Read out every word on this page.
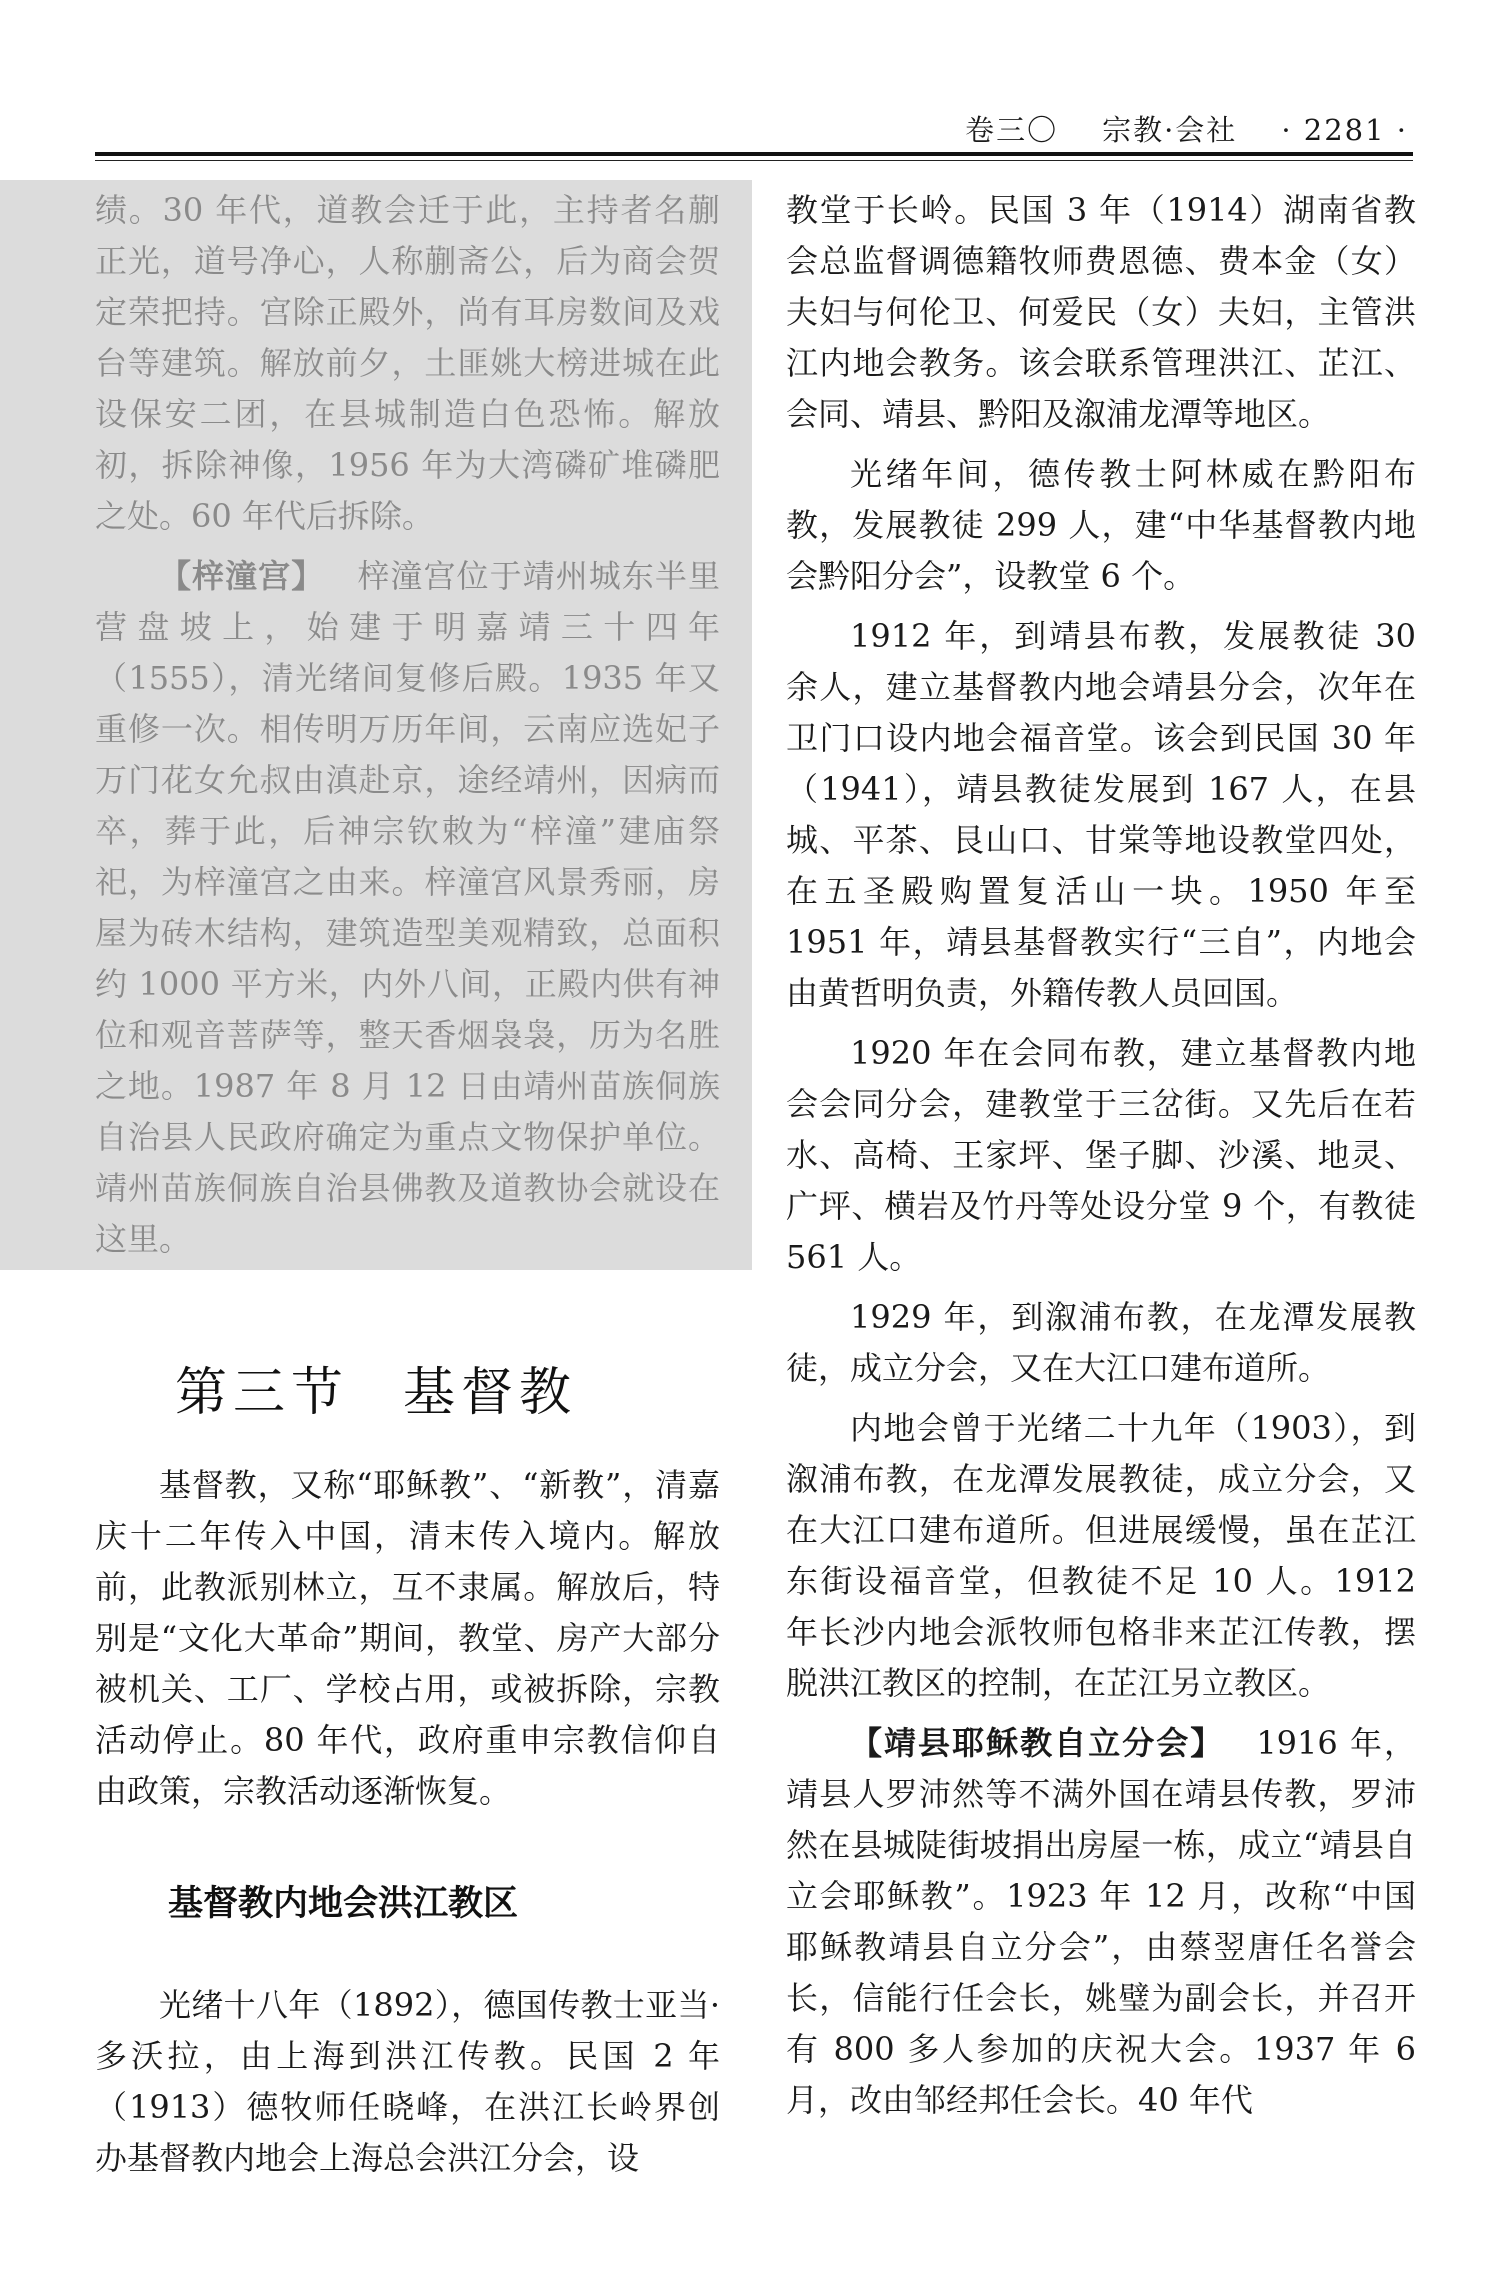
卷三〇 宗教·会社 · 2281 ·

绩。30 年代，道教会迁于此，主持者名蒯正光，道号净心，人称蒯斋公，后为商会贺定荣把持。宫除正殿外，尚有耳房数间及戏台等建筑。解放前夕，土匪姚大榜进城在此设保安二团，在县城制造白色恐怖。解放初，拆除神像，1956 年为大湾磷矿堆磷肥之处。60 年代后拆除。

【梓潼宫】  梓潼宫位于靖州城东半里营盘坡上，始建于明嘉靖三十四年（1555），清光绪间复修后殿。1935 年又重修一次。相传明万历年间，云南应选妃子万门花女允叔由滇赴京，途经靖州，因病而卒，葬于此，后神宗钦敕为“梓潼”建庙祭祀，为梓潼宫之由来。梓潼宫风景秀丽，房屋为砖木结构，建筑造型美观精致，总面积约 1000 平方米，内外八间，正殿内供有神位和观音菩萨等，整天香烟袅袅，历为名胜之地。1987 年 8 月 12 日由靖州苗族侗族自治县人民政府确定为重点文物保护单位。靖州苗族侗族自治县佛教及道教协会就设在这里。

第三节 基督教

基督教，又称“耶稣教”、“新教”，清嘉庆十二年传入中国，清末传入境内。解放前，此教派别林立，互不隶属。解放后，特别是“文化大革命”期间，教堂、房产大部分被机关、工厂、学校占用，或被拆除，宗教活动停止。80 年代，政府重申宗教信仰自由政策，宗教活动逐渐恢复。

基督教内地会洪江教区

光绪十八年（1892），德国传教士亚当·多沃拉，由上海到洪江传教。民国 2 年（1913）德牧师任晓峰，在洪江长岭界创办基督教内地会上海总会洪江分会，设

教堂于长岭。民国 3 年（1914）湖南省教会总监督调德籍牧师费恩德、费本金（女）夫妇与何伦卫、何爱民（女）夫妇，主管洪江内地会教务。该会联系管理洪江、芷江、会同、靖县、黔阳及溆浦龙潭等地区。

光绪年间，德传教士阿林威在黔阳布教，发展教徒 299 人，建“中华基督教内地会黔阳分会”，设教堂 6 个。

1912 年，到靖县布教，发展教徒 30 余人，建立基督教内地会靖县分会，次年在卫门口设内地会福音堂。该会到民国 30 年（1941），靖县教徒发展到 167 人，在县城、平茶、艮山口、甘棠等地设教堂四处，在五圣殿购置复活山一块。1950 年至 1951 年，靖县基督教实行“三自”，内地会由黄哲明负责，外籍传教人员回国。

1920 年在会同布教，建立基督教内地会会同分会，建教堂于三岔街。又先后在若水、高椅、王家坪、堡子脚、沙溪、地灵、广坪、横岩及竹丹等处设分堂 9 个，有教徒 561 人。

1929 年，到溆浦布教，在龙潭发展教徒，成立分会，又在大江口建布道所。

内地会曾于光绪二十九年（1903），到溆浦布教，在龙潭发展教徒，成立分会，又在大江口建布道所。但进展缓慢，虽在芷江东街设福音堂，但教徒不足 10 人。1912 年长沙内地会派牧师包格非来芷江传教，摆脱洪江教区的控制，在芷江另立教区。

【靖县耶稣教自立分会】  1916 年，靖县人罗沛然等不满外国在靖县传教，罗沛然在县城陡街坡捐出房屋一栋，成立“靖县自立会耶稣教”。1923 年 12 月，改称“中国耶稣教靖县自立分会”，由蔡翌唐任名誉会长，信能行任会长，姚璧为副会长，并召开有 800 多人参加的庆祝大会。1937 年 6 月，改由邹经邦任会长。40 年代
